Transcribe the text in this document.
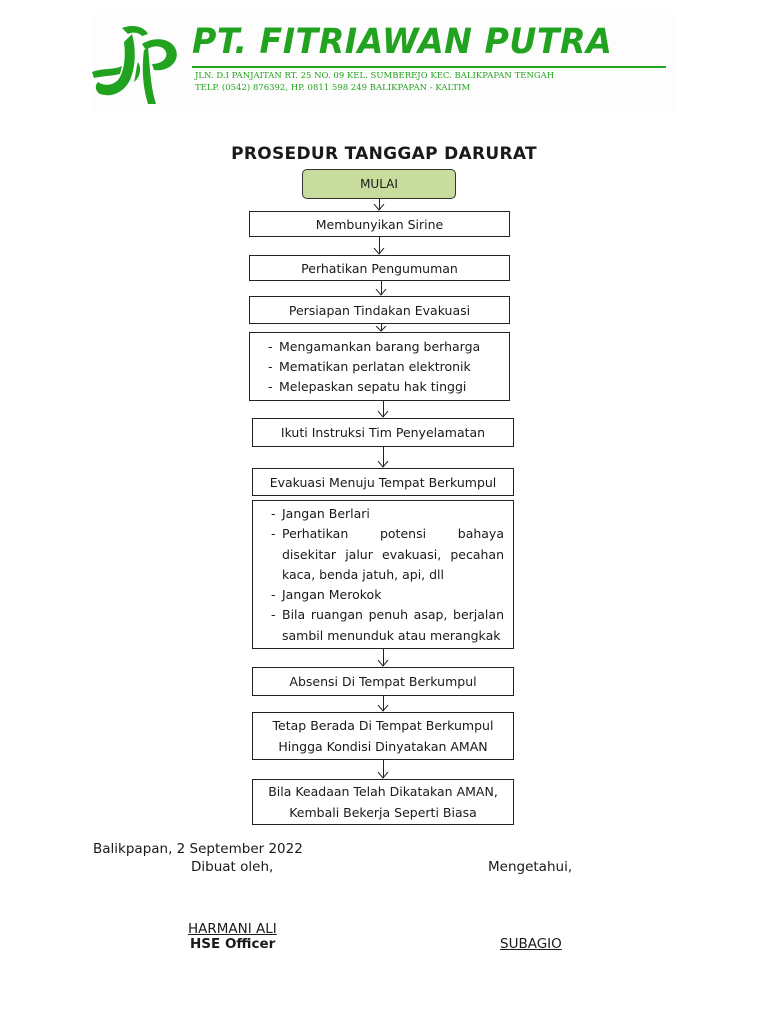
PT. FITRIAWAN PUTRA
JLN. D.I PANJAITAN RT. 25 NO. 09 KEL. SUMBEREJO KEC. BALIKPAPAN TENGAH
TELP. (0542) 876392, HP. 0811 598 249 BALIKPAPAN - KALTIM
PROSEDUR TANGGAP DARURAT
MULAI
Membunyikan Sirine
Perhatikan Pengumuman
Persiapan Tindakan Evakuasi
- Mengamankan barang berharga
- Mematikan perlatan elektronik
- Melepaskan sepatu hak tinggi
Ikuti Instruksi Tim Penyelamatan
Evakuasi Menuju Tempat Berkumpul
- Jangan Berlari
- Perhatikan potensi bahaya disekitar jalur evakuasi, pecahan kaca, benda jatuh, api, dll
- Jangan Merokok
- Bila ruangan penuh asap, berjalan sambil menunduk atau merangkak
Absensi Di Tempat Berkumpul
Tetap Berada Di Tempat Berkumpul
Hingga Kondisi Dinyatakan AMAN
Bila Keadaan Telah Dikatakan AMAN,
Kembali Bekerja Seperti Biasa
Balikpapan, 2 September 2022
Dibuat oleh,	Mengetahui,
HARMANI ALI
HSE Officer	SUBAGIO
